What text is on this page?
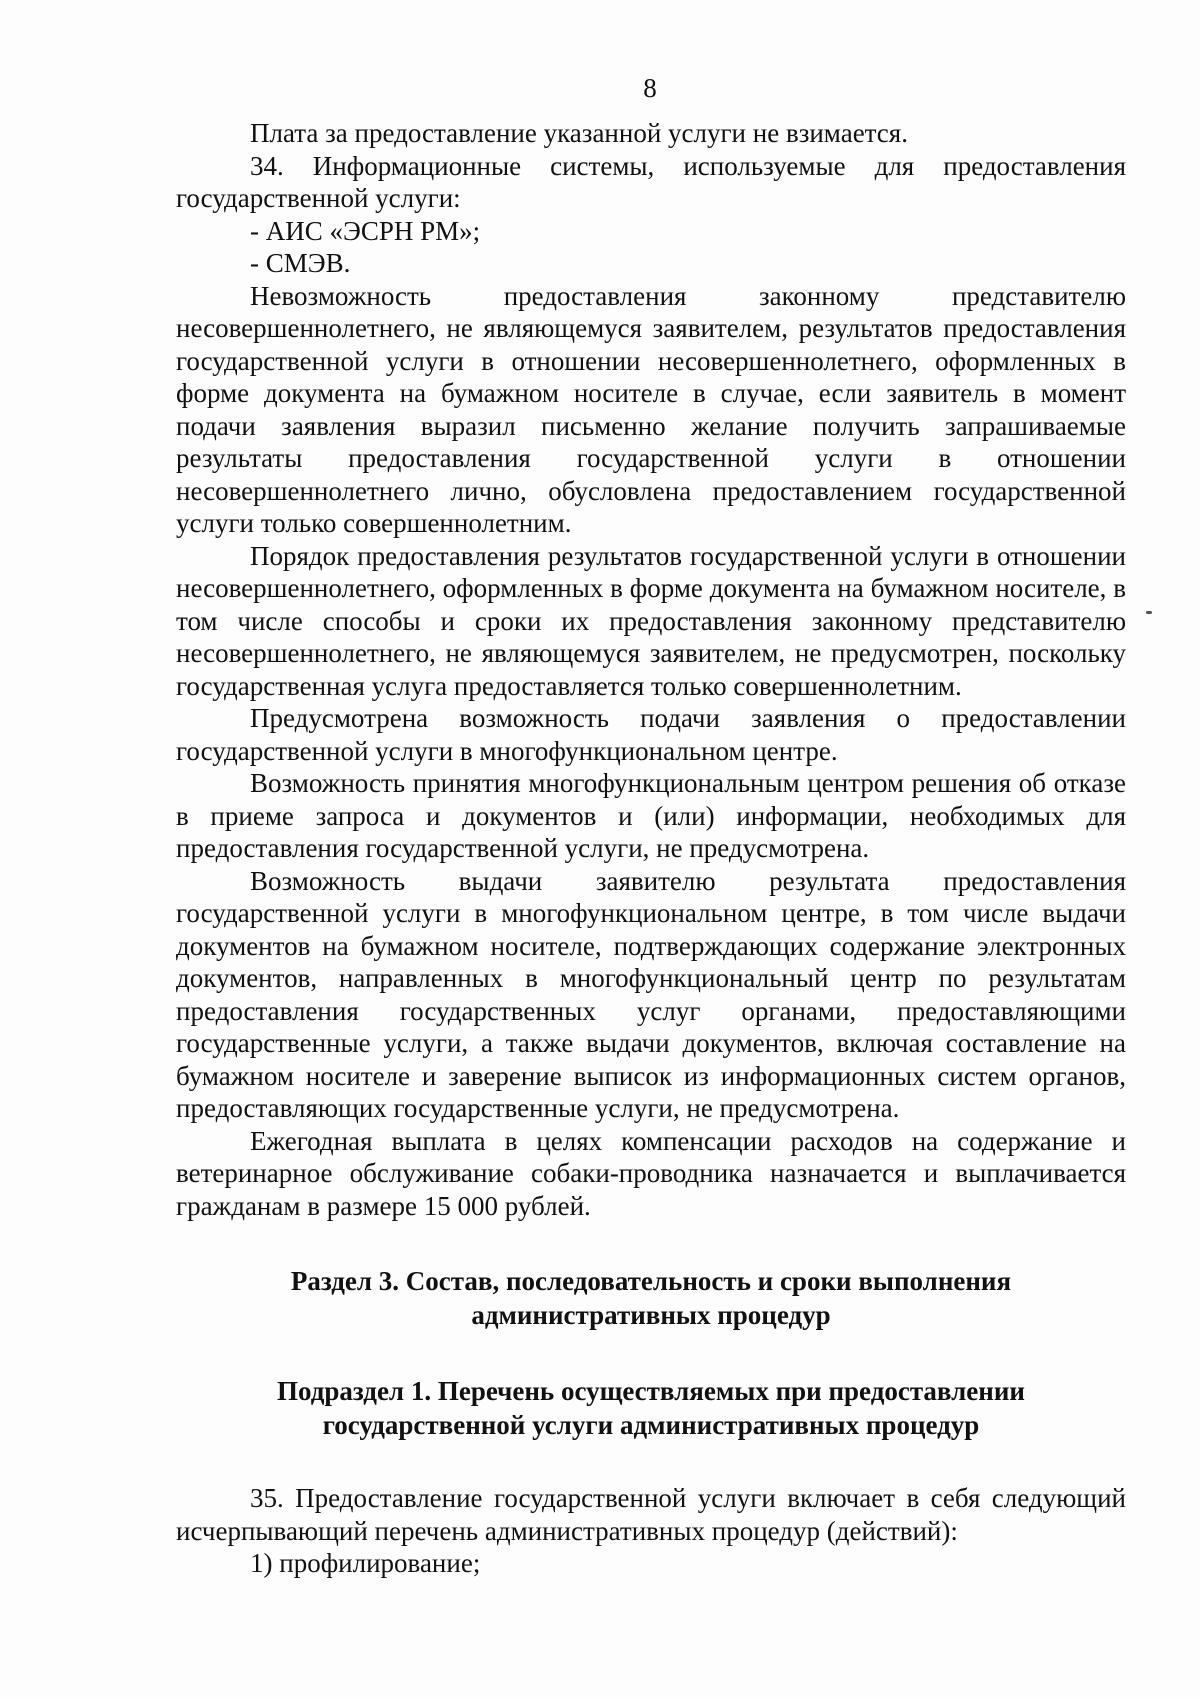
8

Плата за предоставление указанной услуги не взимается.

34. Информационные системы, используемые для предоставления государственной услуги:

- АИС «ЭСРН РМ»;

- СМЭВ.

Невозможность предоставления законному представителю несовершеннолетнего, не являющемуся заявителем, результатов предоставления государственной услуги в отношении несовершеннолетнего, оформленных в форме документа на бумажном носителе в случае, если заявитель в момент подачи заявления выразил письменно желание получить запрашиваемые результаты предоставления государственной услуги в отношении несовершеннолетнего лично, обусловлена предоставлением государственной услуги только совершеннолетним.

Порядок предоставления результатов государственной услуги в отношении несовершеннолетнего, оформленных в форме документа на бумажном носителе, в том числе способы и сроки их предоставления законному представителю несовершеннолетнего, не являющемуся заявителем, не предусмотрен, поскольку государственная услуга предоставляется только совершеннолетним.

Предусмотрена возможность подачи заявления о предоставлении государственной услуги в многофункциональном центре.

Возможность принятия многофункциональным центром решения об отказе в приеме запроса и документов и (или) информации, необходимых для предоставления государственной услуги, не предусмотрена.

Возможность выдачи заявителю результата предоставления государственной услуги в многофункциональном центре, в том числе выдачи документов на бумажном носителе, подтверждающих содержание электронных документов, направленных в многофункциональный центр по результатам предоставления государственных услуг органами, предоставляющими государственные услуги, а также выдачи документов, включая составление на бумажном носителе и заверение выписок из информационных систем органов, предоставляющих государственные услуги, не предусмотрена.

Ежегодная выплата в целях компенсации расходов на содержание и ветеринарное обслуживание собаки-проводника назначается и выплачивается гражданам в размере 15 000 рублей.

Раздел 3. Состав, последовательность и сроки выполнения
административных процедур
Подраздел 1. Перечень осуществляемых при предоставлении
государственной услуги административных процедур

35. Предоставление государственной услуги включает в себя следующий исчерпывающий перечень административных процедур (действий):

1) профилирование;
